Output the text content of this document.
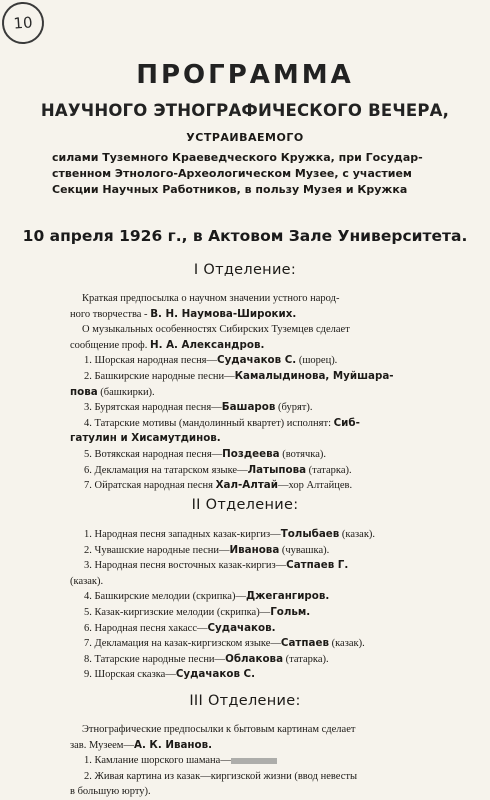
10
ПРОГРАММА
НАУЧНОГО ЭТНОГРАФИЧЕСКОГО ВЕЧЕРА,
УСТРАИВАЕМОГО
силами Туземного Краеведческого Кружка, при Государ-
ственном Этнолого-Археологическом Музее, с участием
Секции Научных Работников, в пользу Музея и Кружка
10 апреля 1926 г., в Актовом Зале Университета.
I Отделение:
Краткая предпосылка о научном значении устного народ-
ного творчества - В. Н. Наумова-Широких.
О музыкальных особенностях Сибирских Туземцев сделает
сообщение проф. Н. А. Александров.
1. Шорская народная песня—Судачаков С. (шорец).
2. Башкирские народные песни—Камалыдинова, Муйшара-
пова (башкирки).
3. Бурятская народная песня—Башаров (бурят).
4. Татарские мотивы (мандолинный квартет) исполнят: Сиб-
гатулин и Хисамутдинов.
5. Вотякская народная песня—Поздеева (вотячка).
6. Декламация на татарском языке—Латыпова (татарка).
7. Ойратская народная песня Хал-Алтай—хор Алтайцев.
II Отделение:
1. Народная песня западных казак-киргиз—Толыбаев (казак).
2. Чувашские народные песни—Иванова (чувашка).
3. Народная песня восточных казак-киргиз—Сатпаев Г.
(казак).
4. Башкирские мелодии (скрипка)—Джегангиров.
5. Казак-киргизские мелодии (скрипка)—Гольм.
6. Народная песня хакасс—Судачаков.
7. Декламация на казак-киргизском языке—Сатпаев (казак).
8. Татарские народные песни—Облакова (татарка).
9. Шорская сказка—Судачаков С.
III Отделение:
Этнографические предпосылки к бытовым картинам сделает
зав. Музеем—А. К. Иванов.
1. Камлание шорского шамана—
2. Живая картина из казак—киргизской жизни (ввод невесты
в большую юрту).
